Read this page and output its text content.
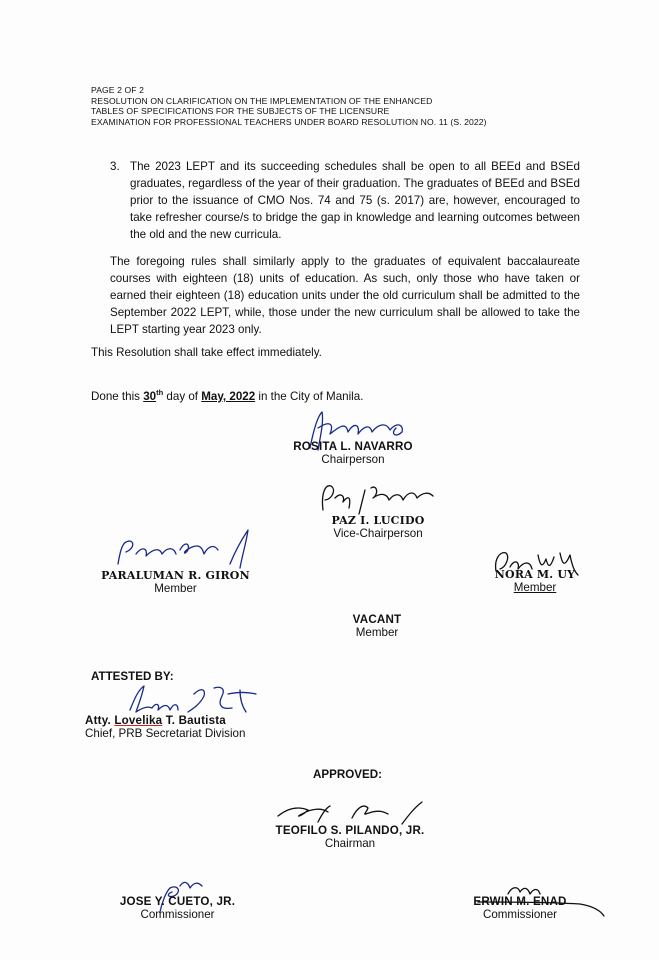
PAGE 2 OF 2
RESOLUTION ON CLARIFICATION ON THE IMPLEMENTATION OF THE ENHANCED
TABLES OF SPECIFICATIONS FOR THE SUBJECTS OF THE LICENSURE
EXAMINATION FOR PROFESSIONAL TEACHERS UNDER BOARD RESOLUTION NO. 11 (S. 2022)
3. The 2023 LEPT and its succeeding schedules shall be open to all BEEd and BSEd graduates, regardless of the year of their graduation. The graduates of BEEd and BSEd prior to the issuance of CMO Nos. 74 and 75 (s. 2017) are, however, encouraged to take refresher course/s to bridge the gap in knowledge and learning outcomes between the old and the new curricula.
The foregoing rules shall similarly apply to the graduates of equivalent baccalaureate courses with eighteen (18) units of education. As such, only those who have taken or earned their eighteen (18) education units under the old curriculum shall be admitted to the September 2022 LEPT, while, those under the new curriculum shall be allowed to take the LEPT starting year 2023 only.
This Resolution shall take effect immediately.
Done this 30th day of May, 2022 in the City of Manila.
ROSITA L. NAVARRO
Chairperson
PAZ I. LUCIDO
Vice-Chairperson
PARALUMAN R. GIRON
Member
NORA M. UY
Member
VACANT
Member
ATTESTED BY:
Atty. Lovelika T. Bautista
Chief, PRB Secretariat Division
APPROVED:
TEOFILO S. PILANDO, JR.
Chairman
JOSE Y. CUETO, JR.
Commissioner
ERWIN M. ENAD
Commissioner
